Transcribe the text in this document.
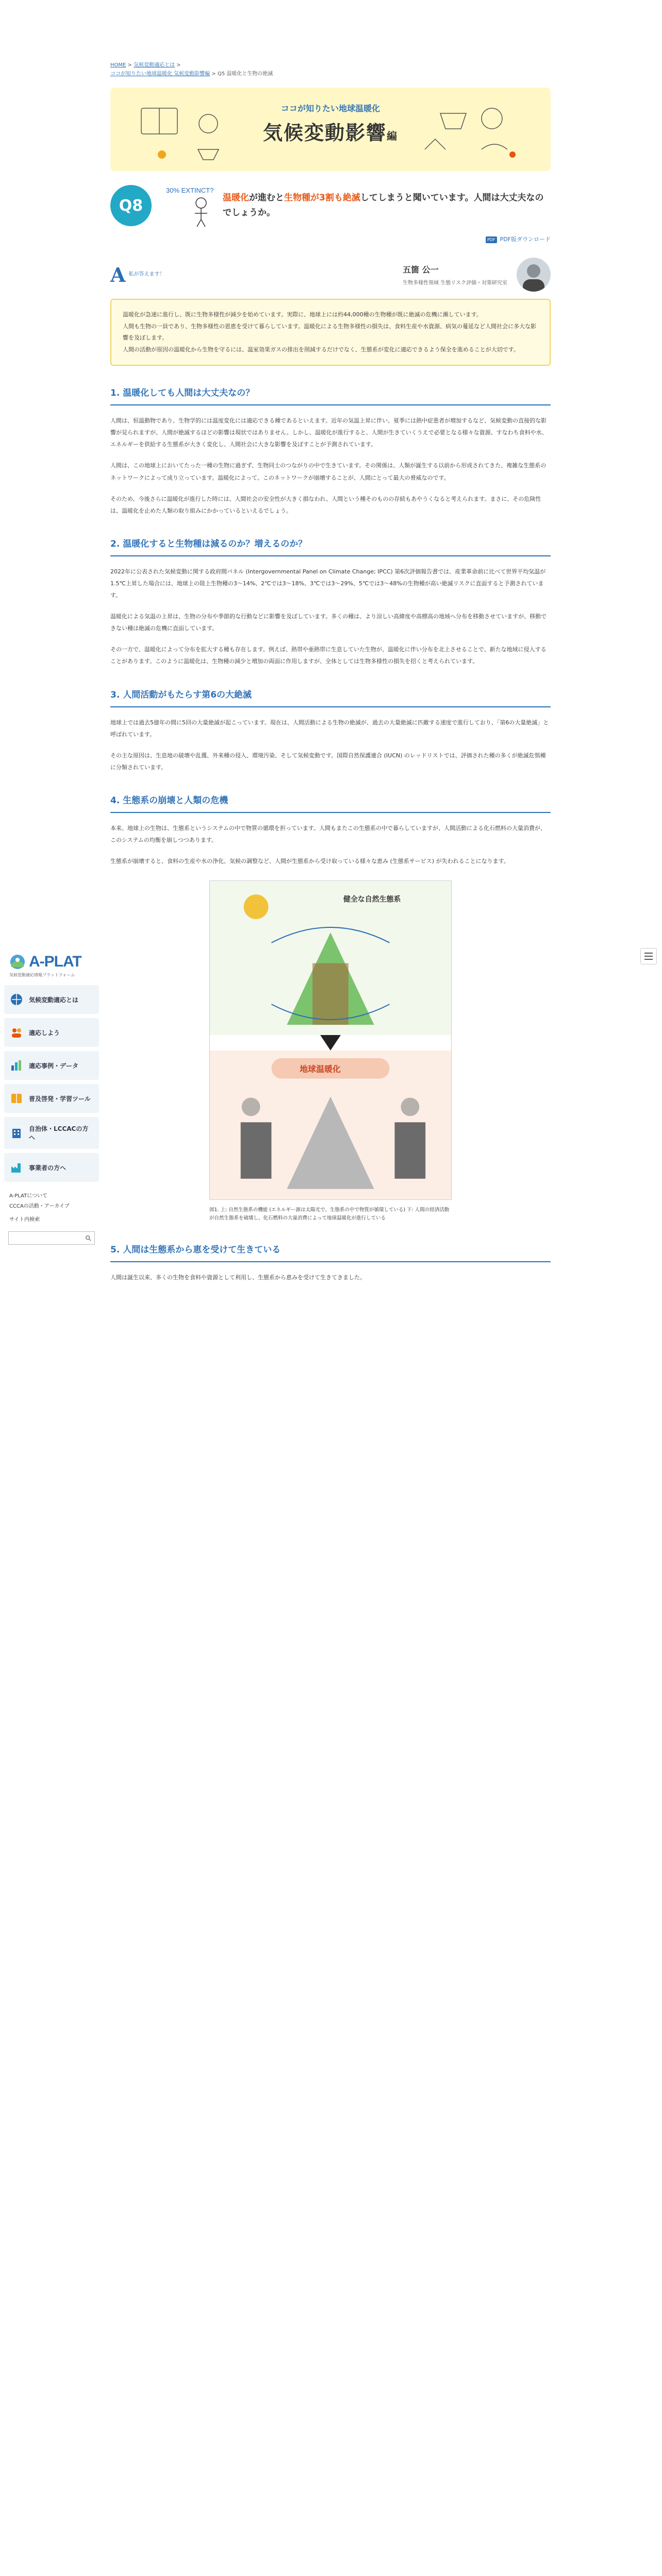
A-PLAT
気候変動適応情報プラットフォーム
気候変動適応とは
適応しよう
適応事例・データ
普及啓発・学習ツール
自治体・LCCACの方へ
事業者の方へ
A-PLATについて
CCCAの活動・アーカイブ
サイト内検索
HOME > 気候変動適応とは >
ココが知りたい地球温暖化 気候変動影響編 > Q5 温暖化と生物の絶滅
ココが知りたい地球温暖化
気候変動影響編
Q8
30% EXTINCT?
温暖化が進むと生物種が3割も絶滅してしまうと聞いています。人間は大丈夫なのでしょうか。
PDF PDF版ダウンロード
A 私が答えます！	五箇 公一
生物多様性領域 生態リスク評価・対策研究室

温暖化が急速に進行し、既に生物多様性が減少を始めています。実際に、地球上には約44,000種の生物種が既に絶滅の危機に瀕しています。

人間も生物の一員であり、生物多様性の恩恵を受けて暮らしています。温暖化による生物多様性の損失は、食料生産や水資源、病気の蔓延など人間社会に多大な影響を及ぼします。

人間の活動が原因の温暖化から生物を守るには、温室効果ガスの排出を削減するだけでなく、生態系が変化に適応できるよう保全を進めることが大切です。

1. 温暖化しても人間は大丈夫なの？

人間は、恒温動物であり、生物学的には温度変化には適応できる種であるといえます。近年の気温上昇に伴い、夏季には熱中症患者が増加するなど、気候変動の直接的な影響が見られますが、人間が絶滅するほどの影響は現状ではありません。しかし、温暖化が進行すると、人間が生きていくうえで必要となる様々な資源、すなわち食料や水、エネルギーを供給する生態系が大きく変化し、人間社会に大きな影響を及ぼすことが予測されています。

人間は、この地球上においてたった一種の生物に過ぎず、生物同士のつながりの中で生きています。その関係は、人類が誕生する以前から形成されてきた、複雑な生態系のネットワークによって成り立っています。温暖化によって、このネットワークが崩壊することが、人間にとって最大の脅威なのです。

そのため、今後さらに温暖化が進行した時には、人間社会の安全性が大きく損なわれ、人間という種そのものの存続もあやうくなると考えられます。まさに、その危険性は、温暖化を止めた人類の取り組みにかかっているといえるでしょう。

2. 温暖化すると生物種は減るのか？増えるのか？

2022年に公表された気候変動に関する政府間パネル (Intergovernmental Panel on Climate Change; IPCC) 第6次評価報告書では、産業革命前に比べて世界平均気温が1.5℃上昇した場合には、地球上の陸上生物種の3〜14%、2℃では3〜18%、3℃では3〜29%、5℃では3〜48%の生物種が高い絶滅リスクに直面すると予測されています。

温暖化による気温の上昇は、生物の分布や季節的な行動などに影響を及ぼしています。多くの種は、より涼しい高緯度や高標高の地域へ分布を移動させていますが、移動できない種は絶滅の危機に直面しています。

その一方で、温暖化によって分布を拡大する種も存在します。例えば、熱帯や亜熱帯に生息していた生物が、温暖化に伴い分布を北上させることで、新たな地域に侵入することがあります。このように温暖化は、生物種の減少と増加の両面に作用しますが、全体としては生物多様性の損失を招くと考えられています。

3. 人間活動がもたらす第6の大絶滅

地球上では過去5億年の間に5回の大量絶滅が起こっています。現在は、人間活動による生物の絶滅が、過去の大量絶滅に匹敵する速度で進行しており、「第6の大量絶滅」と呼ばれています。

その主な原因は、生息地の破壊や乱獲、外来種の侵入、環境汚染、そして気候変動です。国際自然保護連合 (IUCN) のレッドリストでは、評価された種の多くが絶滅危惧種に分類されています。

4. 生態系の崩壊と人類の危機

本来、地球上の生物は、生態系というシステムの中で物質の循環を担っています。人間もまたこの生態系の中で暮らしていますが、人間活動による化石燃料の大量消費が、このシステムの均衡を崩しつつあります。

生態系が崩壊すると、食料の生産や水の浄化、気候の調整など、人間が生態系から受け取っている様々な恵み (生態系サービス) が失われることになります。

健全な自然生態系
地球温暖化
図1. 上: 自然生態系の機能 (エネルギー源は太陽光で、生態系の中で物質が循環している) 下: 人間の経済活動が自然生態系を破壊し、化石燃料の大量消費によって地球温暖化が進行している
5. 人間は生態系から恵を受けて生きている

人間は誕生以来、多くの生物を食料や資源として利用し、生態系から恵みを受けて生きてきました。
